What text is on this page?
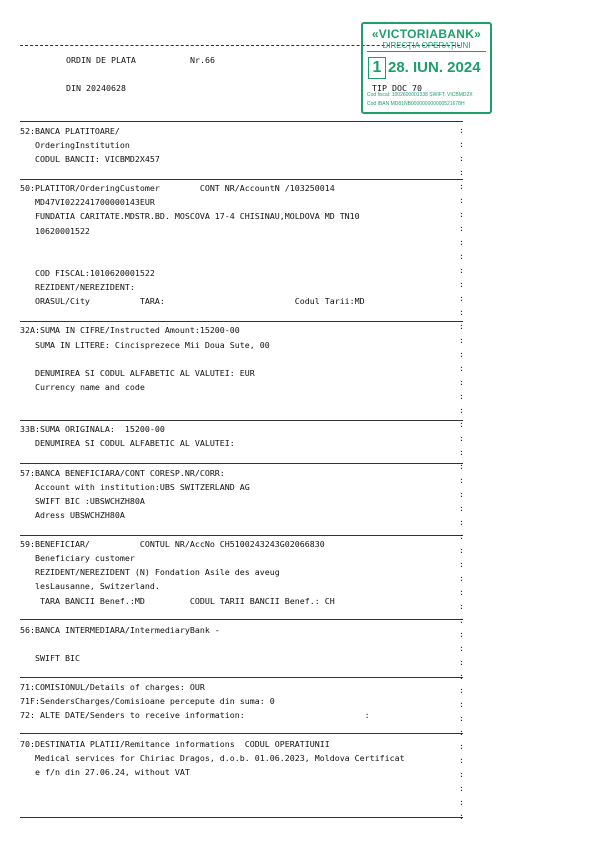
ORDIN DE PLATA	Nr.66
DIN 20240628	TIP DOC 70
«VICTORIABANK»
DIRECŢIA OPERAŢIUNI
1 28. IUN. 2024
Cod fiscal: 1002600001338 SWIFT: VICBMD2X
Cod IBAN MD81NB000000000000521678H
52:BANCA PLATITOARE/
OrderingInstitution
CODUL BANCII: VICBMD2X457
50:PLATITOR/OrderingCustomer        CONT NR/AccountN /103250014
MD47VI022241700000143EUR
FUNDATIA CARITATE.MDSTR.BD. MOSCOVA 17-4 CHISINAU,MOLDOVA MD TN10
10620001522
COD FISCAL:1010620001522
REZIDENT/NEREZIDENT:
ORASUL/City          TARA:                          Codul Tarii:MD
32A:SUMA IN CIFRE/Instructed Amount:15200-00
SUMA IN LITERE: Cincisprezece Mii Doua Sute, 00
DENUMIREA SI CODUL ALFABETIC AL VALUTEI: EUR
Currency name and code
33B:SUMA ORIGINALA:  15200-00
DENUMIREA SI CODUL ALFABETIC AL VALUTEI:
57:BANCA BENEFICIARA/CONT CORESP.NR/CORR:
Account with institution:UBS SWITZERLAND AG
SWIFT BIC :UBSWCHZH80A
Adress UBSWCHZH80A
59:BENEFICIAR/          CONTUL NR/AccNo CH5100243243G02066830
Beneficiary customer
REZIDENT/NEREZIDENT (N) Fondation Asile des aveug
lesLausanne, Switzerland.
TARA BANCII Benef.:MD         CODUL TARII BANCII Benef.: CH
56:BANCA INTERMEDIARA/IntermediaryBank -
SWIFT BIC
71:COMISIONUL/Details of charges: OUR
71F:SendersCharges/Comisioane percepute din suma: 0
72: ALTE DATE/Senders to receive information:                        :
70:DESTINATIA PLATII/Remitance informations  CODUL OPERATIUNII
Medical services for Chiriac Dragos, d.o.b. 01.06.2023, Moldova Certificat
e f/n din 27.06.24, without VAT
:
:
:
:
:
:
:
:
:
:
:
:
:
:
:
:
:
:
:
:
:
:
:
:
:
:
:
:
:
:
:
:
:
:
:
:
:
:
:
:
:
:
:
:
:
:
:
:
:
:
